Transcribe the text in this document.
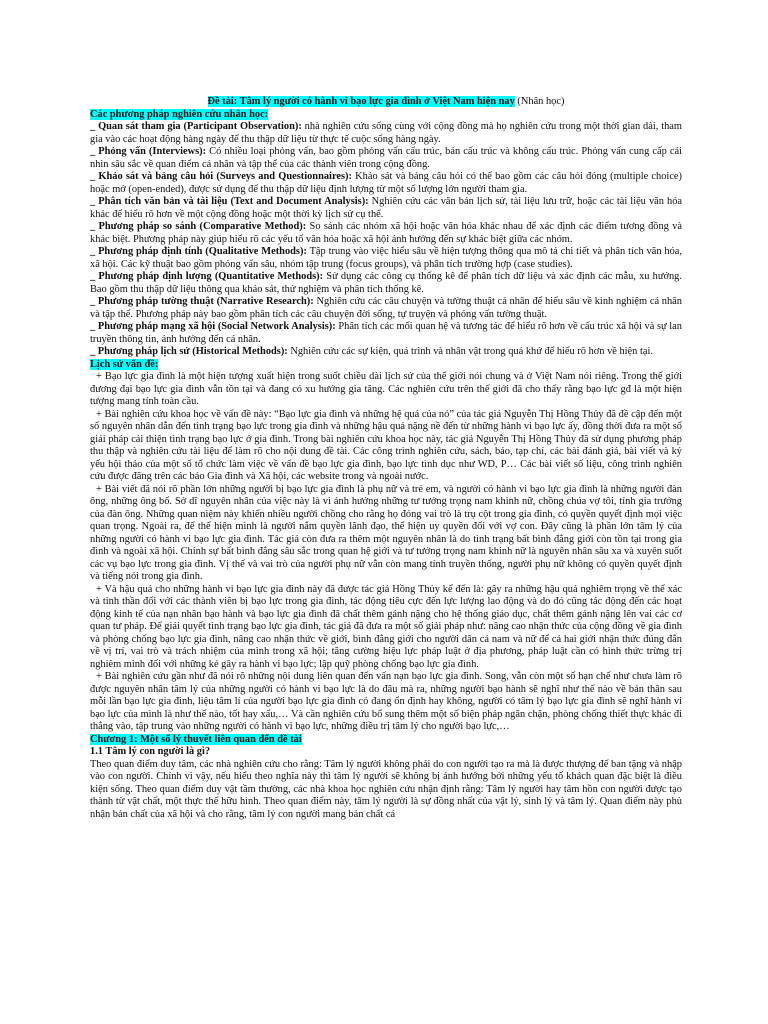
Đề tài: Tâm lý người có hành vi bạo lực gia đình ở Việt Nam hiện nay (Nhân học)

Các phương pháp nghiên cứu nhân học:

_ Quan sát tham gia (Participant Observation): nhà nghiên cứu sống cùng với cộng đồng mà họ nghiên cứu trong một thời gian dài, tham gia vào các hoạt động hàng ngày để thu thập dữ liệu từ thực tế cuộc sống hàng ngày.

_ Phỏng vấn (Interviews): Có nhiều loại phỏng vấn, bao gồm phỏng vấn cấu trúc, bán cấu trúc và không cấu trúc. Phỏng vấn cung cấp cái nhìn sâu sắc về quan điểm cá nhân và tập thể của các thành viên trong cộng đồng.

_ Khảo sát và bảng câu hỏi (Surveys and Questionnaires): Khảo sát và bảng câu hỏi có thể bao gồm các câu hỏi đóng (multiple choice) hoặc mở (open-ended), được sử dụng để thu thập dữ liệu định lượng từ một số lượng lớn người tham gia.

_ Phân tích văn bản và tài liệu (Text and Document Analysis): Nghiên cứu các văn bản lịch sử, tài liệu lưu trữ, hoặc các tài liệu văn hóa khác để hiểu rõ hơn về một cộng đồng hoặc một thời kỳ lịch sử cụ thể.

_ Phương pháp so sánh (Comparative Method): So sánh các nhóm xã hội hoặc văn hóa khác nhau để xác định các điểm tương đồng và khác biệt. Phương pháp này giúp hiểu rõ các yếu tố văn hóa hoặc xã hội ảnh hưởng đến sự khác biệt giữa các nhóm.

_ Phương pháp định tính (Qualitative Methods): Tập trung vào việc hiểu sâu về hiện tượng thông qua mô tả chi tiết và phân tích văn hóa, xã hội. Các kỹ thuật bao gồm phỏng vấn sâu, nhóm tập trung (focus groups), và phân tích trường hợp (case studies).

_ Phương pháp định lượng (Quantitative Methods): Sử dụng các công cụ thống kê để phân tích dữ liệu và xác định các mẫu, xu hướng. Bao gồm thu thập dữ liệu thông qua khảo sát, thử nghiệm và phân tích thống kê.

_ Phương pháp tường thuật (Narrative Research): Nghiên cứu các câu chuyện và tường thuật cá nhân để hiểu sâu về kinh nghiệm cá nhân và tập thể. Phương pháp này bao gồm phân tích các câu chuyện đời sống, tự truyện và phỏng vấn tường thuật.

_ Phương pháp mạng xã hội (Social Network Analysis): Phân tích các mối quan hệ và tương tác để hiểu rõ hơn về cấu trúc xã hội và sự lan truyền thông tin, ảnh hưởng đến cá nhân.

_ Phương pháp lịch sử (Historical Methods): Nghiên cứu các sự kiện, quá trình và nhân vật trong quá khứ để hiểu rõ hơn về hiện tại.

Lịch sử vấn đề:

+ Bạo lực gia đình là một hiện tượng xuất hiện trong suốt chiều dài lịch sử của thế giới nói chung và ở Việt Nam nói riêng. Trong thế giới đương đại bạo lực gia đình vẫn tồn tại và đang có xu hướng gia tăng. Các nghiên cứu trên thế giới đã cho thấy rằng bạo lực gđ là một hiện tượng mang tính toàn cầu.

+ Bài nghiên cứu khoa học về vấn đề này: “Bạo lực gia đình và những hệ quả của nó” của tác giả Nguyễn Thị Hồng Thủy đã đề cập đến một số nguyên nhân dẫn đến tình trạng bạo lực trong gia đình và những hậu quả nặng nề đến từ những hành vi bạo lực ấy, đồng thời đưa ra một số giải pháp cải thiện tình trạng bạo lực ở gia đình. Trong bài nghiên cứu khoa học này, tác giả Nguyễn Thị Hồng Thủy đã sử dụng phương pháp thu thập và nghiên cứu tài liệu để làm rõ cho nội dung đề tài. Các công trình nghiên cứu, sách, báo, tạp chí, các bài đánh giá, bài viết và kỷ yếu hội thảo của một số tổ chức làm việc về vấn đề bạo lực gia đình, bạo lực tình dục như WD, P… Các bài viết số liệu, công trình nghiên cứu được đăng trên các báo Gia đình và Xã hội, các website trong và ngoài nước.

+ Bài viết đã nói rõ phần lớn những người bị bạo lực gia đình là phụ nữ và trẻ em, và người có hành vi bạo lực gia đình là những người đàn ông, những ông bố. Sở dĩ nguyên nhân của việc này là vì ảnh hưởng những tư tưởng trọng nam khinh nữ, chồng chúa vợ tôi, tính gia trưởng của đàn ông. Những quan niệm này khiến nhiều người chồng cho rằng họ đóng vai trò là trụ cột trong gia đình, có quyền quyết định mọi việc quan trọng. Ngoài ra, để thể hiện mình là người nắm quyền lãnh đạo, thể hiện uy quyền đối với vợ con. Đây cũng là phần lớn tâm lý của những người có hành vi bạo lực gia đình. Tác giả còn đưa ra thêm một nguyên nhân là do tình trạng bất bình đẳng giới còn tồn tại trong gia đình và ngoài xã hội. Chính sự bất bình đẳng sâu sắc trong quan hệ giới và tư tưởng trọng nam khinh nữ là nguyên nhân sâu xa và xuyên suốt các vụ bạo lực trong gia đình. Vị thế và vai trò của người phụ nữ vẫn còn mang tính truyền thống, người phụ nữ không có quyền quyết định và tiếng nói trong gia đình.

+ Và hậu quả cho những hành vi bạo lực gia đình này đã được tác giả Hồng Thủy kể đến là: gây ra những hậu quả nghiêm trọng về thể xác và tinh thần đối với các thành viên bị bạo lực trong gia đình, tác động tiêu cực đến lực lượng lao động và do đó cũng tác động đến các hoạt động kinh tế của nạn nhân bạo hành và bạo lực gia đình đã chất thêm gánh nặng cho hệ thống giáo dục, chất thêm gánh nặng lên vai các cơ quan tư pháp. Để giải quyết tình trạng bạo lực gia đình, tác giả đã đưa ra một số giải pháp như: nâng cao nhận thức của cộng đồng về gia đình và phòng chống bạo lực gia đình, nâng cao nhận thức về giới, bình đẳng giới cho người dân cả nam và nữ để cả hai giới nhận thức đúng đắn về vị trí, vai trò và trách nhiệm của mình trong xã hội; tăng cường hiệu lực pháp luật ở địa phương, pháp luật cần có hình thức trừng trị nghiêm minh đối với những kẻ gây ra hành vi bạo lực; lập quỹ phòng chống bạo lực gia đình.

+ Bài nghiên cứu gần như đã nói rõ những nội dung liên quan đến vấn nạn bạo lực gia đình. Song, vẫn còn một số hạn chế như chưa làm rõ được nguyên nhân tâm lý của những người có hành vi bạo lực là do đâu mà ra, những người bạo hành sẽ nghĩ như thế nào về bản thân sau mỗi lần bạo lực gia đình, liệu tâm lí của người bạo lực gia đình có đang ổn định hay không, người có tâm lý bạo lực gia đình sẽ nghĩ hành vi bạo lực của mình là như thế nào, tốt hay xấu,… Và cần nghiên cứu bổ sung thêm một số biện pháp ngăn chặn, phòng chống thiết thực khác đi thẳng vào, tập trung vào những người có hành vi bạo lực, những điều trị tâm lý cho người bạo lực,…

Chương 1: Một số lý thuyết liên quan đến đề tài

1.1 Tâm lý con người là gì?

Theo quan điểm duy tâm, các nhà nghiên cứu cho rằng: Tâm lý người không phải do con người tạo ra mà là được thượng đế ban tặng và nhập vào con người. Chính vì vậy, nếu hiểu theo nghĩa này thì tâm lý người sẽ không bị ảnh hưởng bởi những yếu tố khách quan đặc biệt là điều kiện sống. Theo quan điểm duy vật tầm thường, các nhà khoa học nghiên cứu nhận định rằng: Tâm lý người hay tâm hồn con người được tạo thành từ vật chất, một thực thể hữu hình. Theo quan điểm này, tâm lý người là sự đồng nhất của vật lý, sinh lý và tâm lý. Quan điểm này phủ nhận bản chất của xã hội và cho rằng, tâm lý con người mang bản chất cá
